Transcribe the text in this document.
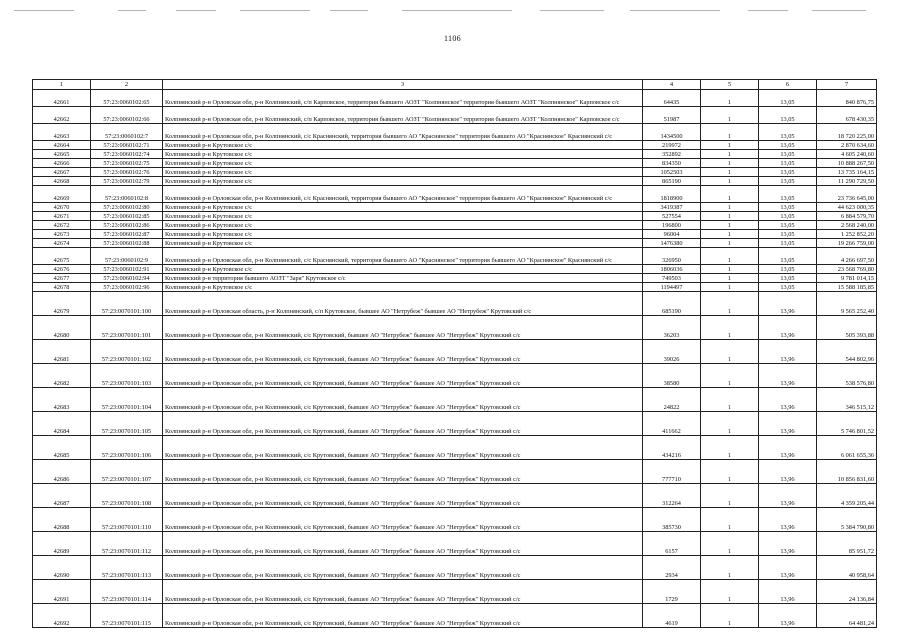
1106
1	2	3	4	5	6	7
42661	57:23:0060102:65	Колпнянский р-н Орловская обл, р-н Колпнянский, с/п Карповское, территория бывшего АОЗТ "Колпнянское" территория бывшего АОЗТ "Колпнянское" Карповское с/с	64435	1	13,05	840 876,75
42662	57:23:0060102:66	Колпнянский р-н Орловская обл, р-н Колпнянский, с/п Карповское, территория бывшего АОЗТ "Колпнянское" территория бывшего АОЗТ "Колпнянское" Карповское с/с	51987	1	13,05	678 430,35
42663	57:23:0060102:7	Колпнянский р-н Орловская обл, р-н Колпнянский, с/с Краснянский, территория бывшего АО "Краснянское" территория бывшего АО "Краснянское" Краснянский с/с	1434500	1	13,05	18 720 225,00
42664	57:23:0060102:71	Колпнянский р-н Крутовское с/с	219972	1	13,05	2 870 634,60
42665	57:23:0060102:74	Колпнянский р-н Крутовское с/с	352892	1	13,05	4 605 240,60
42666	57:23:0060102:75	Колпнянский р-н Крутовское с/с	834350	1	13,05	10 888 267,50
42667	57:23:0060102:76	Колпнянский р-н Крутовское с/с	1052503	1	13,05	13 735 164,15
42668	57:23:0060102:79	Колпнянский р-н Крутовское с/с	865190	1	13,05	11 290 729,50
42669	57:23:0060102:8	Колпнянский р-н Орловская обл, р-н Колпнянский, с/с Краснянский, территория бывшего АО "Краснянское" территория бывшего АО "Краснянское" Краснянский с/с	1818900	1	13,05	23 736 645,00
42670	57:23:0060102:80	Колпнянский р-н Крутовское с/с	3419387	1	13,05	44 623 000,35
42671	57:23:0060102:85	Колпнянский р-н Крутовское с/с	527554	1	13,05	6 884 579,70
42672	57:23:0060102:86	Колпнянский р-н Крутовское с/с	196800	1	13,05	2 568 240,00
42673	57:23:0060102:87	Колпнянский р-н Крутовское с/с	96004	1	13,05	1 252 852,20
42674	57:23:0060102:88	Колпнянский р-н Крутовское с/с	1476380	1	13,05	19 266 759,00
42675	57:23:0060102:9	Колпнянский р-н Орловская обл, р-н Колпнянский, с/с Краснянский, территория бывшего АО "Краснянское" территория бывшего АО "Краснянское" Краснянский с/с	326950	1	13,05	4 266 697,50
42676	57:23:0060102:91	Колпнянский р-н Крутовское с/с	1806036	1	13,05	23 568 769,80
42677	57:23:0060102:94	Колпнянский р-н территория бывшего АОЗТ "Заря" Крутовское с/с	749503	1	13,05	9 781 014,15
42678	57:23:0060102:96	Колпнянский р-н Крутовское с/с	1194497	1	13,05	15 588 185,85
42679	57:23:0070101:100	Колпнянский р-н Орловская область, р-н Колпнянский, с/п Крутовское, бывшее АО "Нетрубеж" бывшее АО "Нетрубеж" Крутовский с/с	685190	1	13,96	9 565 252,40
42680	57:23:0070101:101	Колпнянский р-н Орловская обл, р-н Колпнянский, с/с Крутовский, бывшее АО "Нетрубеж" бывшее АО "Нетрубеж" Крутовский с/с	36203	1	13,96	505 393,88
42681	57:23:0070101:102	Колпнянский р-н Орловская обл, р-н Колпнянский, с/с Крутовский, бывшее АО "Нетрубеж" бывшее АО "Нетрубеж" Крутовский с/с	39026	1	13,96	544 802,96
42682	57:23:0070101:103	Колпнянский р-н Орловская обл, р-н Колпнянский, с/с Крутовский, бывшее АО "Нетрубеж" бывшее АО "Нетрубеж" Крутовский с/с	38580	1	13,96	538 576,80
42683	57:23:0070101:104	Колпнянский р-н Орловская обл, р-н Колпнянский, с/с Крутовский, бывшее АО "Нетрубеж" бывшее АО "Нетрубеж" Крутовский с/с	24822	1	13,96	346 515,12
42684	57:23:0070101:105	Колпнянский р-н Орловская обл, р-н Колпнянский, с/с Крутовский, бывшее АО "Нетрубеж" бывшее АО "Нетрубеж" Крутовский с/с	411662	1	13,96	5 746 801,52
42685	57:23:0070101:106	Колпнянский р-н Орловская обл, р-н Колпнянский, с/с Крутовский, бывшее АО "Нетрубеж" бывшее АО "Нетрубеж" Крутовский с/с	434216	1	13,96	6 061 655,36
42686	57:23:0070101:107	Колпнянский р-н Орловская обл, р-н Колпнянский, с/с Крутовский, бывшее АО "Нетрубеж" бывшее АО "Нетрубеж" Крутовский с/с	777710	1	13,96	10 856 831,60
42687	57:23:0070101:108	Колпнянский р-н Орловская обл, р-н Колпнянский, с/с Крутовский, бывшее АО "Нетрубеж" бывшее АО "Нетрубеж" Крутовский с/с	312264	1	13,96	4 359 205,44
42688	57:23:0070101:110	Колпнянский р-н Орловская обл, р-н Колпнянский, с/с Крутовский, бывшее АО "Нетрубеж" бывшее АО "Нетрубеж" Крутовский с/с	385730	1	13,96	5 384 790,80
42689	57:23:0070101:112	Колпнянский р-н Орловская обл, р-н Колпнянский, с/с Крутовский, бывшее АО "Нетрубеж" бывшее АО "Нетрубеж" Крутовский с/с	6157	1	13,96	85 951,72
42690	57:23:0070101:113	Колпнянский р-н Орловская обл, р-н Колпнянский, с/с Крутовский, бывшее АО "Нетрубеж" бывшее АО "Нетрубеж" Крутовский с/с	2934	1	13,96	40 958,64
42691	57:23:0070101:114	Колпнянский р-н Орловская обл, р-н Колпнянский, с/с Крутовский, бывшее АО "Нетрубеж" бывшее АО "Нетрубеж" Крутовский с/с	1729	1	13,96	24 136,84
42692	57:23:0070101:115	Колпнянский р-н Орловская обл, р-н Колпнянский, с/с Крутовский, бывшее АО "Нетрубеж" бывшее АО "Нетрубеж" Крутовский с/с	4619	1	13,96	64 481,24
